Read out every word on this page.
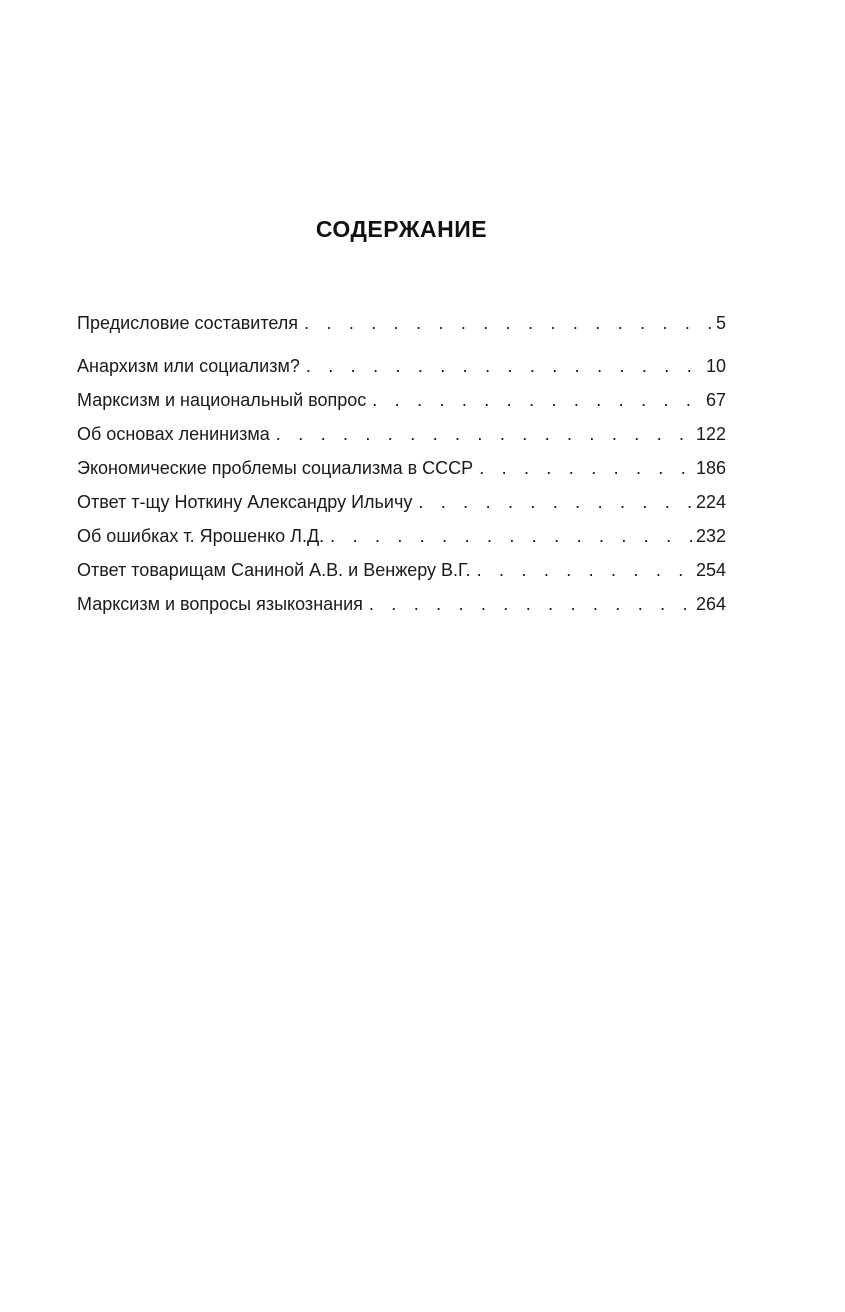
СОДЕРЖАНИЕ
Предисловие составителя . . .	5
Анархизм или социализм? . . .	10
Марксизм и национальный вопрос . . .	67
Об основах ленинизма . . .	122
Экономические проблемы социализма в СССР . . .	186
Ответ т-щу Ноткину Александру Ильичу . . .	224
Об ошибках т. Ярошенко Л.Д. . . .	232
Ответ товарищам Саниной А.В. и Венжеру В.Г. . . .	254
Марксизм и вопросы языкознания . . .	264
